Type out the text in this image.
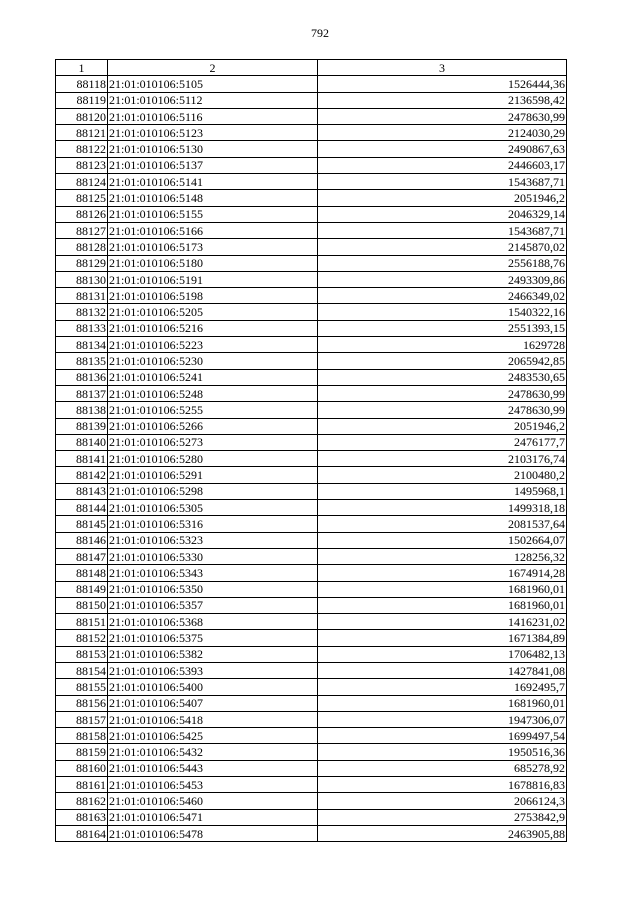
792
1	2	3
88118	21:01:010106:5105	1526444,36
88119	21:01:010106:5112	2136598,42
88120	21:01:010106:5116	2478630,99
88121	21:01:010106:5123	2124030,29
88122	21:01:010106:5130	2490867,63
88123	21:01:010106:5137	2446603,17
88124	21:01:010106:5141	1543687,71
88125	21:01:010106:5148	2051946,2
88126	21:01:010106:5155	2046329,14
88127	21:01:010106:5166	1543687,71
88128	21:01:010106:5173	2145870,02
88129	21:01:010106:5180	2556188,76
88130	21:01:010106:5191	2493309,86
88131	21:01:010106:5198	2466349,02
88132	21:01:010106:5205	1540322,16
88133	21:01:010106:5216	2551393,15
88134	21:01:010106:5223	1629728
88135	21:01:010106:5230	2065942,85
88136	21:01:010106:5241	2483530,65
88137	21:01:010106:5248	2478630,99
88138	21:01:010106:5255	2478630,99
88139	21:01:010106:5266	2051946,2
88140	21:01:010106:5273	2476177,7
88141	21:01:010106:5280	2103176,74
88142	21:01:010106:5291	2100480,2
88143	21:01:010106:5298	1495968,1
88144	21:01:010106:5305	1499318,18
88145	21:01:010106:5316	2081537,64
88146	21:01:010106:5323	1502664,07
88147	21:01:010106:5330	128256,32
88148	21:01:010106:5343	1674914,28
88149	21:01:010106:5350	1681960,01
88150	21:01:010106:5357	1681960,01
88151	21:01:010106:5368	1416231,02
88152	21:01:010106:5375	1671384,89
88153	21:01:010106:5382	1706482,13
88154	21:01:010106:5393	1427841,08
88155	21:01:010106:5400	1692495,7
88156	21:01:010106:5407	1681960,01
88157	21:01:010106:5418	1947306,07
88158	21:01:010106:5425	1699497,54
88159	21:01:010106:5432	1950516,36
88160	21:01:010106:5443	685278,92
88161	21:01:010106:5453	1678816,83
88162	21:01:010106:5460	2066124,3
88163	21:01:010106:5471	2753842,9
88164	21:01:010106:5478	2463905,88
